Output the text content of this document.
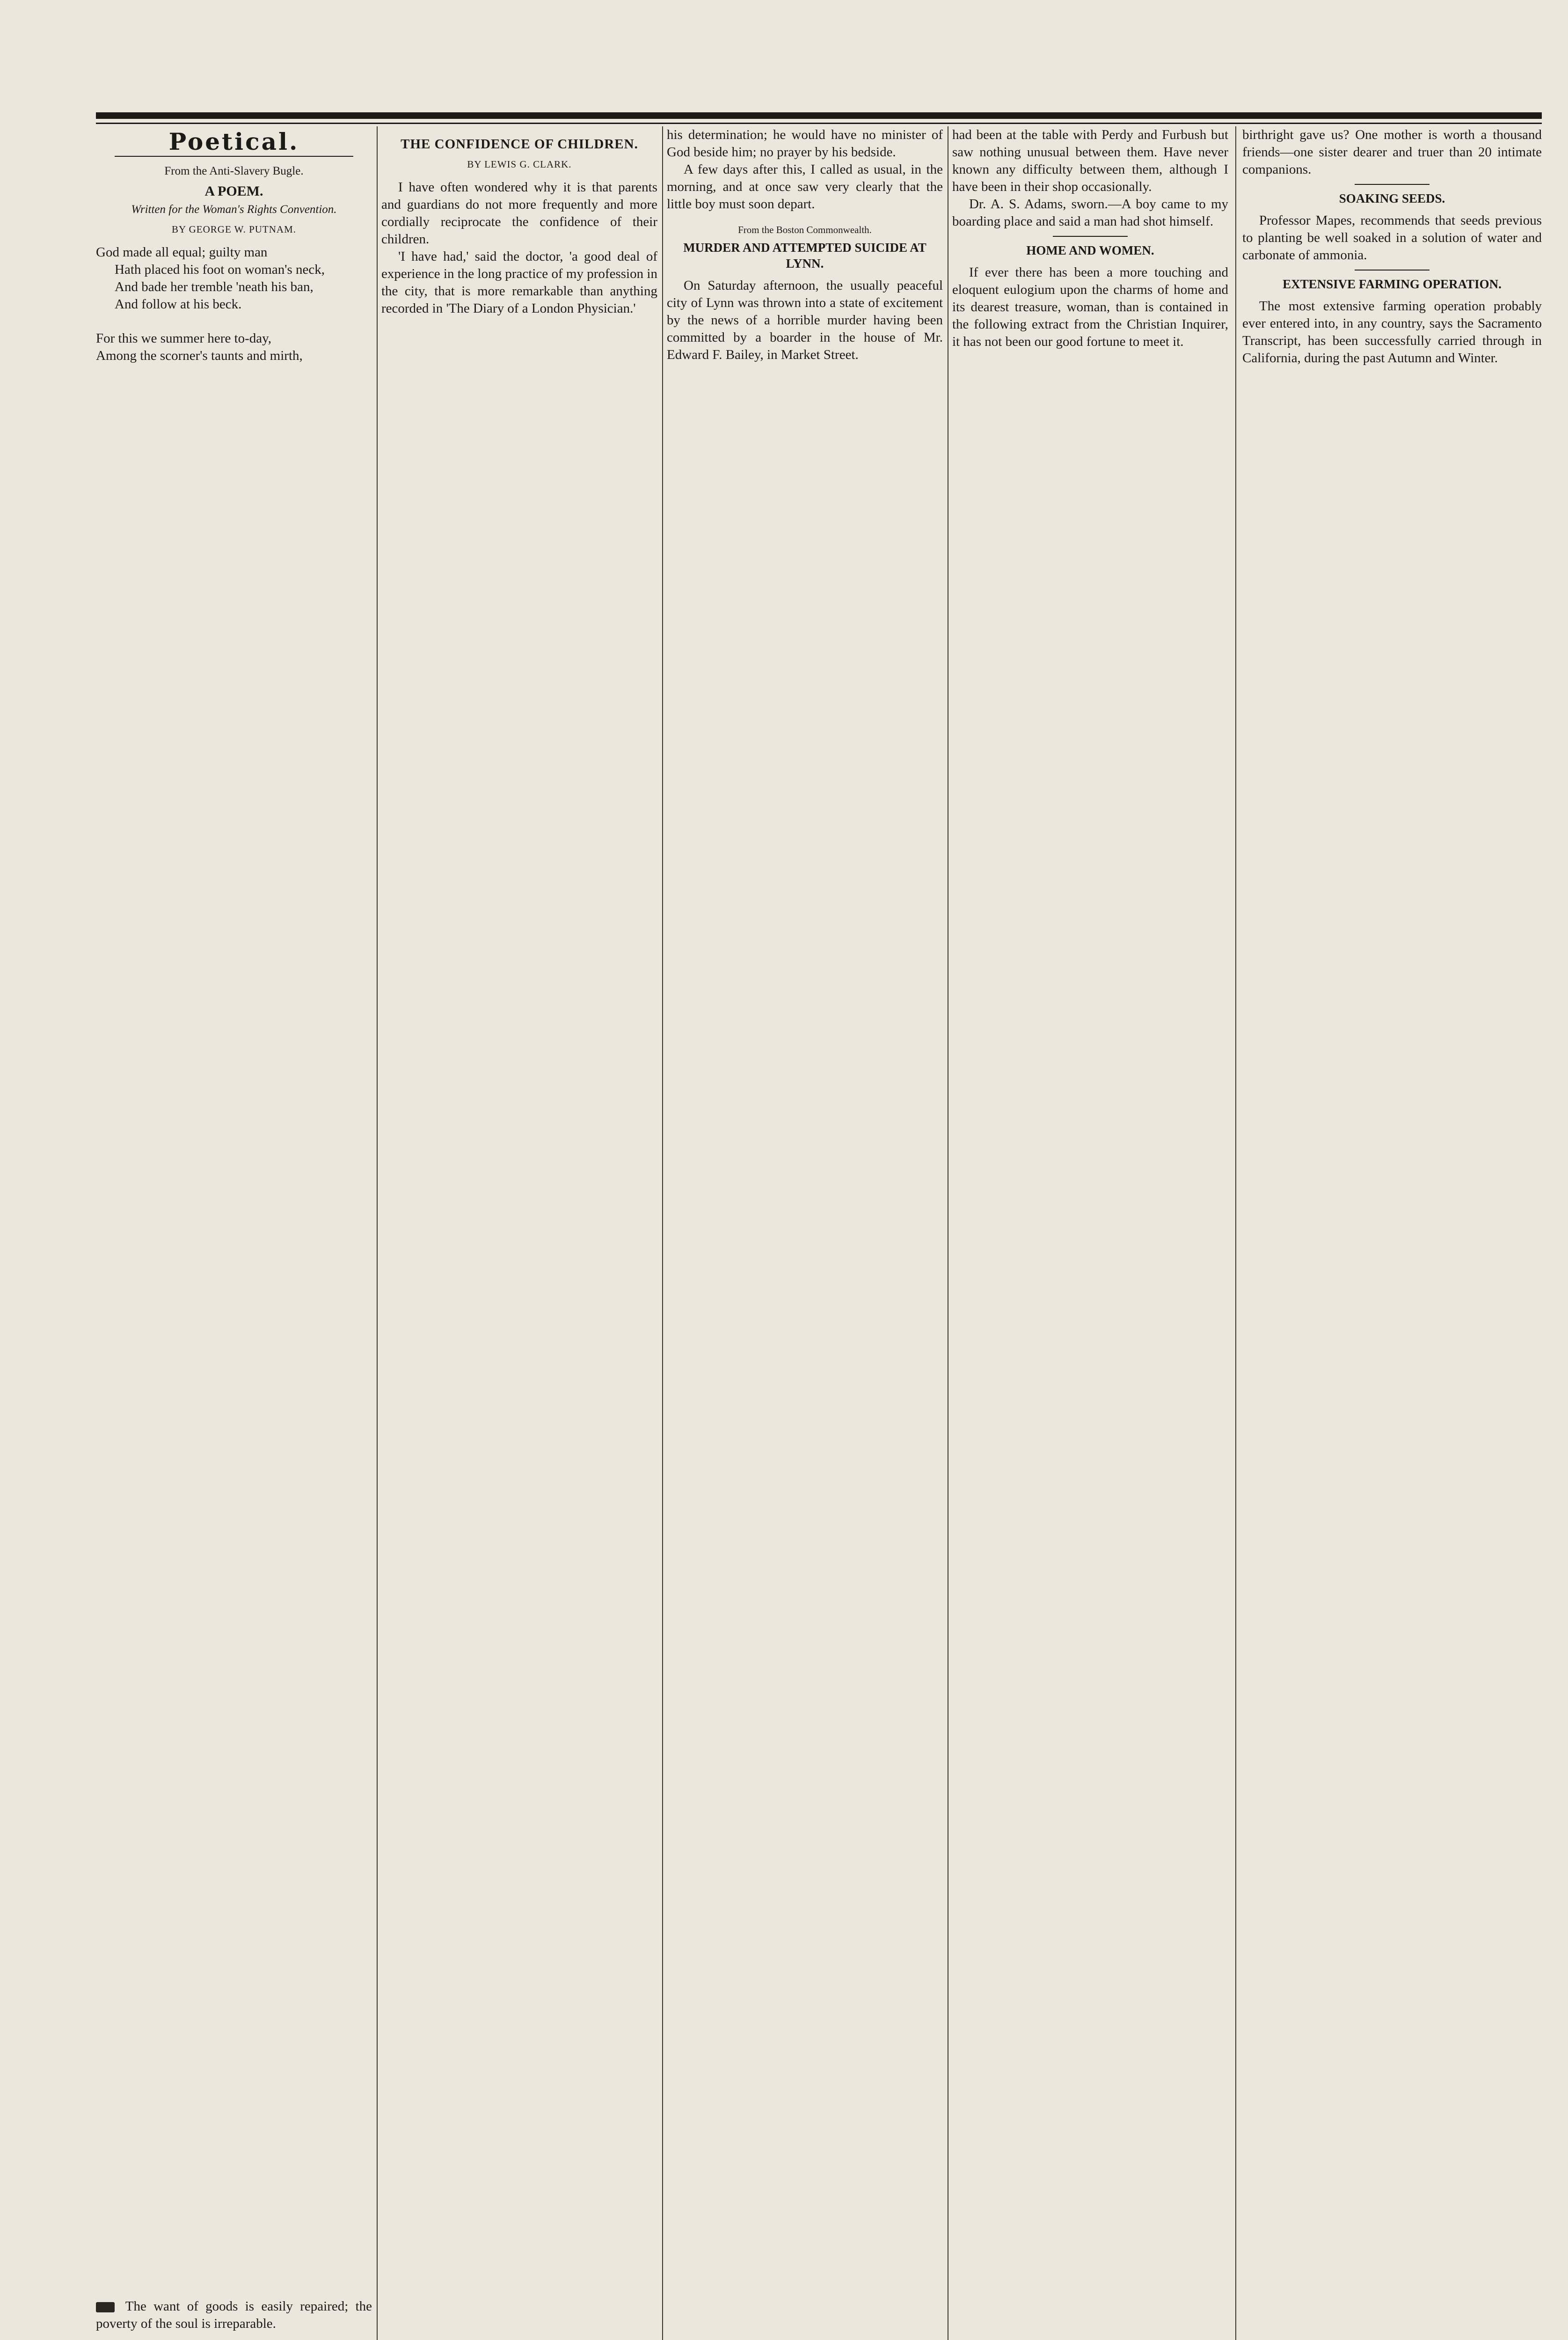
Poetical.
From the Anti-Slavery Bugle.
A POEM.
Written for the Woman's Rights Convention.
BY GEORGE W. PUTNAM.

God made all equal; guilty man

Hath placed his foot on woman's neck,

And bade her tremble 'neath his ban,

And follow at his beck.

For this we summer here to-day,

Among the scorner's taunts and mirth,

The want of goods is easily repaired; the poverty of the soul is irreparable.

THE CONFIDENCE OF CHILDREN.
BY LEWIS G. CLARK.

I have often wondered why it is that parents and guardians do not more frequently and more cordially reciprocate the confidence of their children.

'I have had,' said the doctor, 'a good deal of experience in the long practice of my profession in the city, that is more remarkable than anything recorded in 'The Diary of a London Physician.'

his determination; he would have no minister of God beside him; no prayer by his bedside.

A few days after this, I called as usual, in the morning, and at once saw very clearly that the little boy must soon depart.

From the Boston Commonwealth.
MURDER AND ATTEMPTED SUICIDE AT LYNN.

On Saturday afternoon, the usually peaceful city of Lynn was thrown into a state of excitement by the news of a horrible murder having been committed by a boarder in the house of Mr. Edward F. Bailey, in Market Street.

had been at the table with Perdy and Furbush but saw nothing unusual between them. Have never known any difficulty between them, although I have been in their shop occasionally.

Dr. A. S. Adams, sworn.—A boy came to my boarding place and said a man had shot himself.

HOME AND WOMEN.

If ever there has been a more touching and eloquent eulogium upon the charms of home and its dearest treasure, woman, than is contained in the following extract from the Christian Inquirer, it has not been our good fortune to meet it.

birthright gave us? One mother is worth a thousand friends—one sister dearer and truer than 20 intimate companions.

SOAKING SEEDS.

Professor Mapes, recommends that seeds previous to planting be well soaked in a solution of water and carbonate of ammonia.

EXTENSIVE FARMING OPERATION.

The most extensive farming operation probably ever entered into, in any country, says the Sacramento Transcript, has been successfully carried through in California, during the past Autumn and Winter.
